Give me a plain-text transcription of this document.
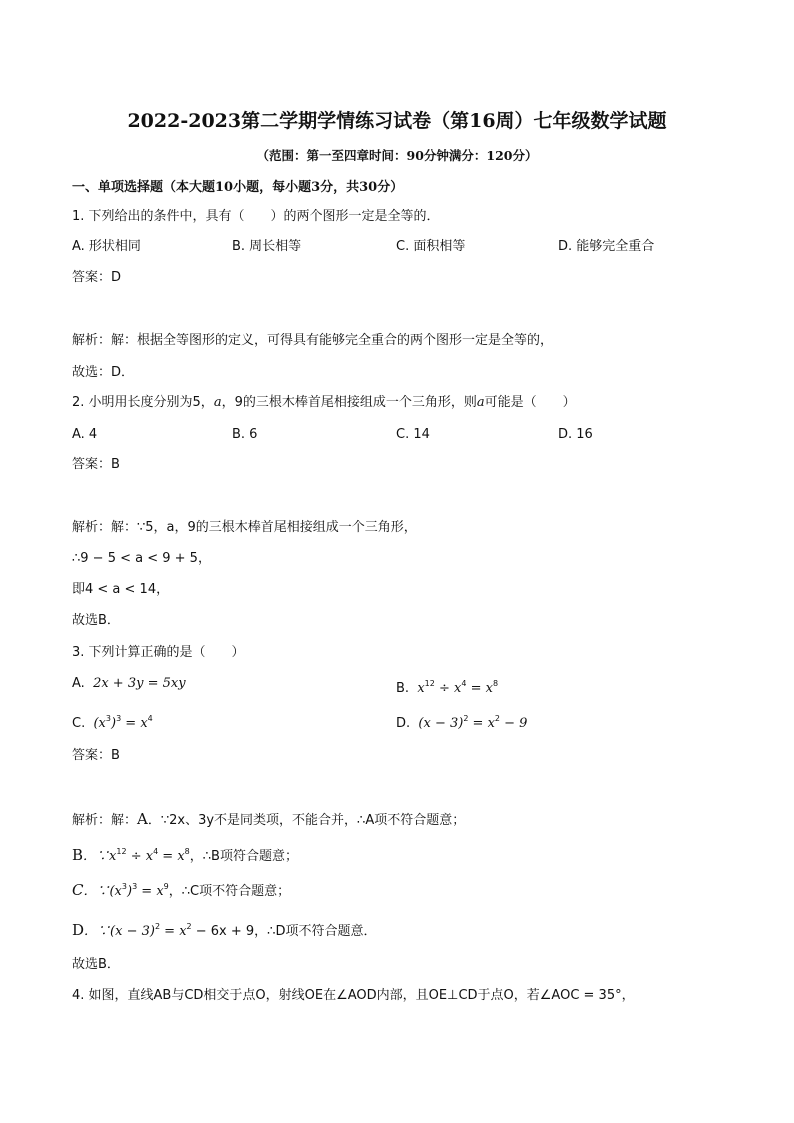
2022-2023第二学期学情练习试卷（第16周）七年级数学试题
（范围：第一至四章时间：90分钟满分：120分）
一、单项选择题（本大题10小题，每小题3分，共30分）
1. 下列给出的条件中，具有（　　）的两个图形一定是全等的．
A. 形状相同	B. 周长相等	C. 面积相等	D. 能够完全重合
答案：D
解析：解：根据全等图形的定义，可得具有能够完全重合的两个图形一定是全等的，
故选：D．
2. 小明用长度分别为5，a，9的三根木棒首尾相接组成一个三角形，则a可能是（　　）
A. 4	B. 6	C. 14	D. 16
答案：B
解析：解：∵5，a，9的三根木棒首尾相接组成一个三角形，
∴9 − 5 < a < 9 + 5，
即4 < a < 14，
故选B．
3. 下列计算正确的是（　　）
A. 2x + 3y = 5xy	B. $x^{12} \div x^4 = x^8$
C. $(x^3)^3 = x^4$	D. $(x - 3)^2 = x^2 - 9$
答案：B
解析：解：A．∵2x、3y不是同类项，不能合并，∴A项不符合题意；
B．$\because x^{12} \div x^4 = x^8$，∴B项符合题意；
C．$\because(x^3)^3 = x^9$，∴C项不符合题意；
D．∵(x − $3)^2 = x^2 - 6x + 9$，∴D项不符合题意．
故选B．
4. 如图，直线AB与CD相交于点O，射线OE在∠AOD内部，且OE⊥CD于点O，若∠AOC = 35°，
